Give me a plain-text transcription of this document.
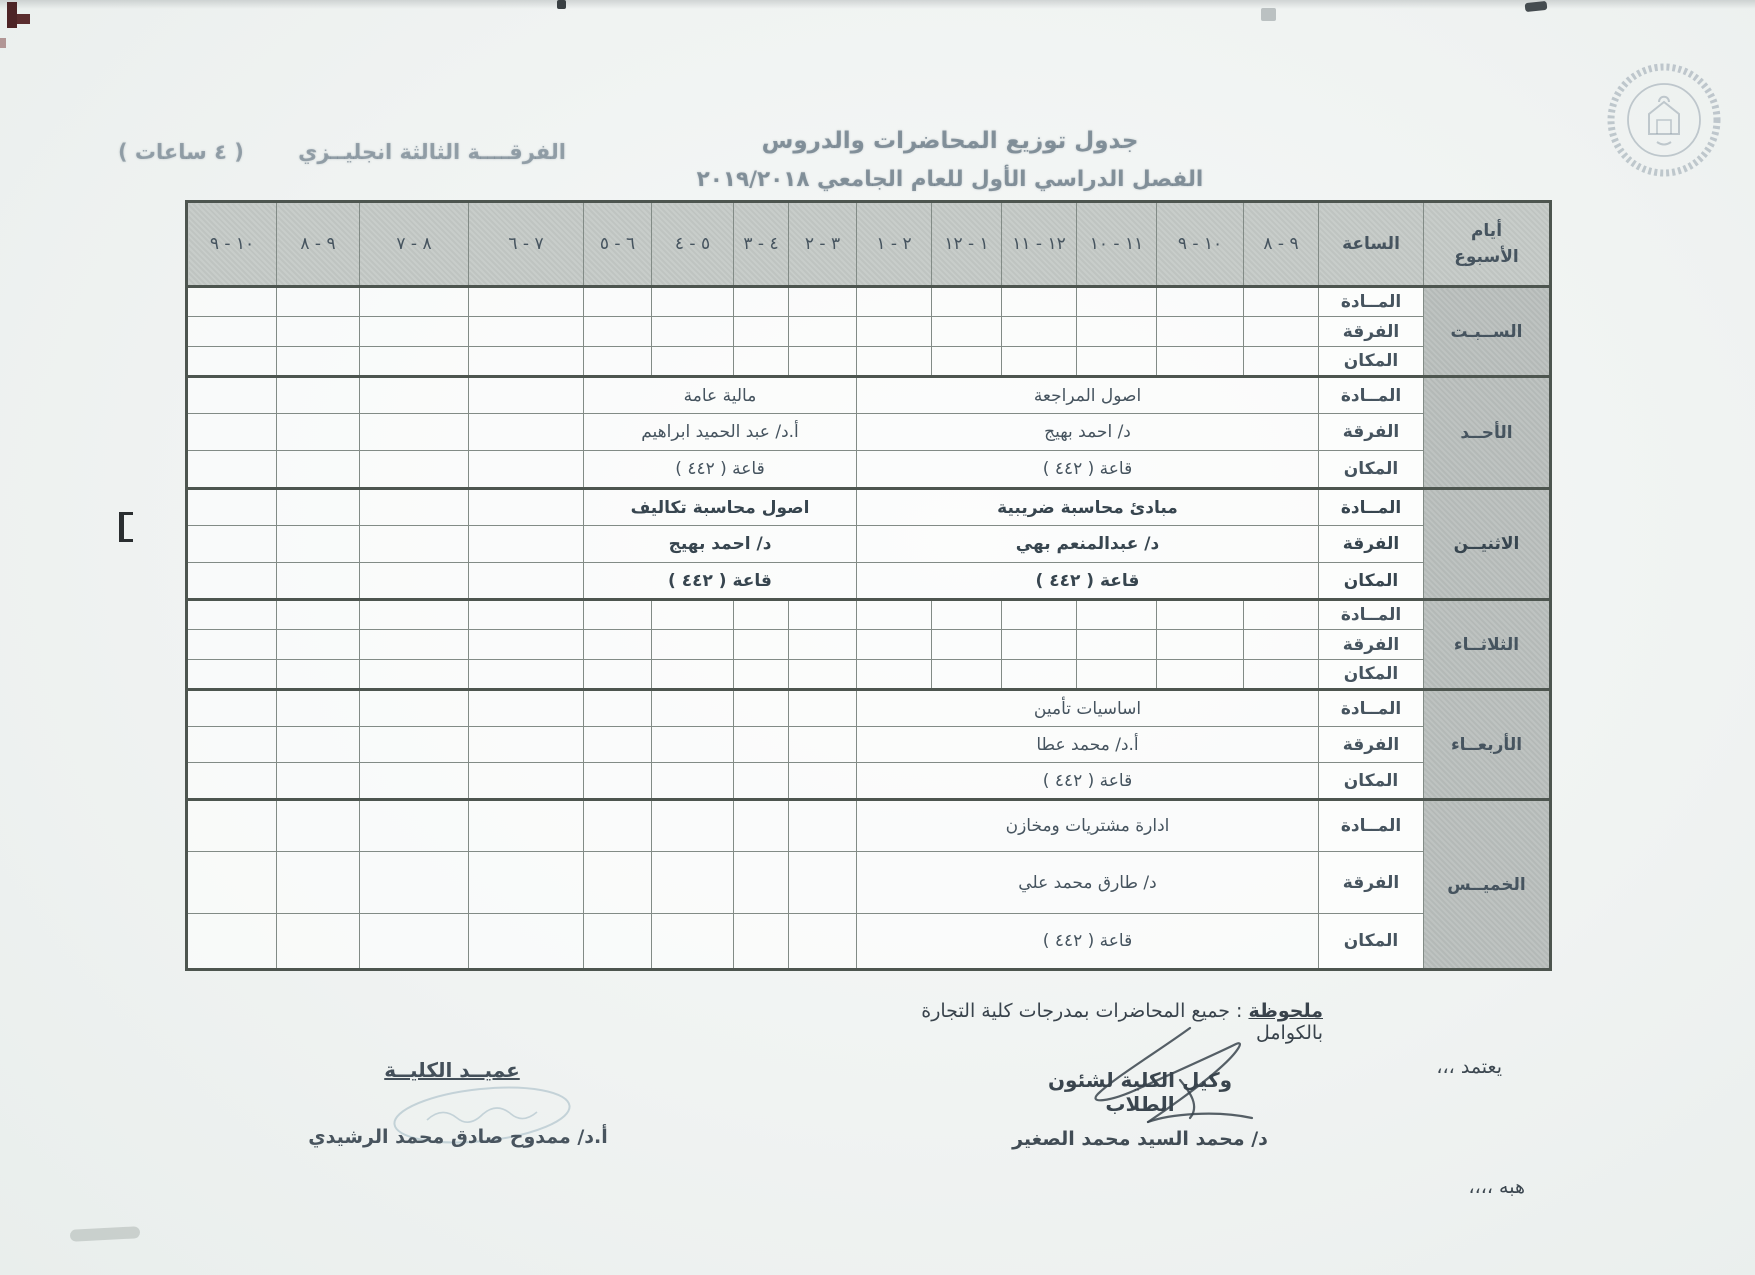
الفرقــــة الثالثة انجليــزي
( ٤ ساعات )	جدول توزيع المحاضرات والدروس
الفصل الدراسي الأول للعام الجامعي ٢٠١٩/٢٠١٨
أيام
الأسبوع	الساعة	٩ - ٨	١٠ - ٩	١١ - ١٠	١٢ - ١١	١ - ١٢	٢ - ١	٣ - ٢	٤ - ٣	٥ - ٤	٦ - ٥	٧ - ٦	٨ - ٧	٩ - ٨	١٠ - ٩
الســبـت	المــادة														
	الفرقة														
	المكان														
الأحــد	المــادة	اصول المراجعة						مالية عامة							
	الفرقة	د/ احمد بهيج						أ.د/ عبد الحميد ابراهيم							
	المكان	قاعة ( ٤٤٢ )						قاعة ( ٤٤٢ )							
الاثنيــن	المــادة	مبادئ محاسبة ضريبية						اصول محاسبة تكاليف							
	الفرقة	د/ عبدالمنعم بهي						د/ احمد بهيج							
	المكان	قاعة ( ٤٤٢ )						قاعة ( ٤٤٢ )							
الثلاثــاء	المــادة														
	الفرقة														
	المكان														
الأربعــاء	المــادة	اساسيات تأمين													
	الفرقة	أ.د/ محمد عطا													
	المكان	قاعة ( ٤٤٢ )													
الخميــس	المــادة	ادارة مشتريات ومخازن													
	الفرقة	د/ طارق محمد علي													
	المكان	قاعة ( ٤٤٢ )													
ملحوظة : جميع المحاضرات بمدرجات كلية التجارة بالكوامل
يعتمد ،،،
وكيل الكلية لشئون الطلاب
د/ محمد السيد محمد الصغير
عميــد الكليــة
أ.د/ ممدوح صادق محمد الرشيدي
هبه ،،،،
